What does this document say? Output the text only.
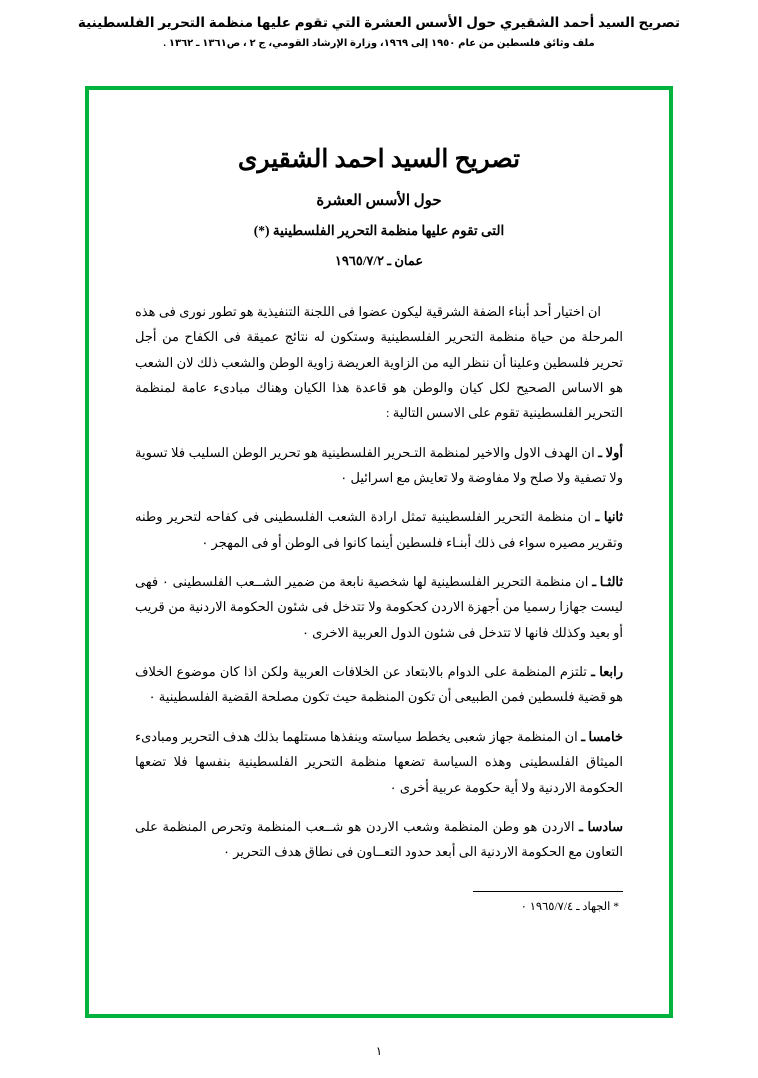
تصريح السيد أحمد الشقيري حول الأسس العشرة التي تقوم عليها منظمة التحرير الفلسطينية
ملف وثائق فلسطين من عام ١٩٥٠ إلى ١٩٦٩، وزارة الإرشاد القومي، ج ٢ ، ص١٣٦١ ـ ١٣٦٢ .
تصريح السيد احمد الشقيرى
حول الأسس العشرة
التى تقوم عليها منظمة التحرير الفلسطينية (*)
عمان ـ ١٩٦٥/٧/٢

ان اختيار أحد أبناء الضفة الشرقية ليكون عضوا فى اللجنة التنفيذية هو تطور نورى فى هذه المرحلة من حياة منظمة التحرير الفلسطينية وستكون له نتائج عميقة فى الكفاح من أجل تحرير فلسطين وعلينا أن ننظر اليه من الزاوية العريضة زاوية الوطن والشعب ذلك لان الشعب هو الاساس الصحيح لكل كيان والوطن هو قاعدة هذا الكيان وهناك مبادىء عامة لمنظمة التحرير الفلسطينية تقوم على الاسس التالية :

أولا ـ ان الهدف الاول والاخير لمنظمة التـحرير الفلسطينية هو تحرير الوطن السليب فلا تسوية ولا تصفية ولا صلح ولا مفاوضة ولا تعايش مع اسرائيل ٠

ثانيا ـ ان منظمة التحرير الفلسطينية تمثل ارادة الشعب الفلسطينى فى كفاحه لتحرير وطنه وتقرير مصيره سواء فى ذلك أبنـاء فلسطين أينما كانوا فى الوطن أو فى المهجر ٠

ثالثـا ـ ان منظمة التحرير الفلسطينية لها شخصية نابعة من ضمير الشــعب الفلسطينى ٠ فهى ليست جهازا رسميا من أجهزة الاردن كحكومة ولا تتدخل فى شئون الحكومة الاردنية من قريب أو بعيد وكذلك فانها لا تتدخل فى شئون الدول العربية الاخرى ٠

رابعا ـ تلتزم المنظمة على الدوام بالابتعاد عن الخلافات العربية ولكن اذا كان موضوع الخلاف هو قضية فلسطين فمن الطبيعى أن تكون المنظمة حيث تكون مصلحة القضية الفلسطينية ٠

خامسا ـ ان المنظمة جهاز شعبى يخطط سياسته وينفذها مستلهما بذلك هدف التحرير ومبادىء الميثاق الفلسطينى وهذه السياسة تضعها منظمة التحرير الفلسطينية بنفسها فلا تضعها الحكومة الاردنية ولا أية حكومة عربية أخرى ٠

سادسا ـ الاردن هو وطن المنظمة وشعب الاردن هو شــعب المنظمة وتحرص المنظمة على التعاون مع الحكومة الاردنية الى أبعد حدود التعــاون فى نطاق هدف التحرير ٠

* الجهاد ـ ١٩٦٥/٧/٤ ٠
١
